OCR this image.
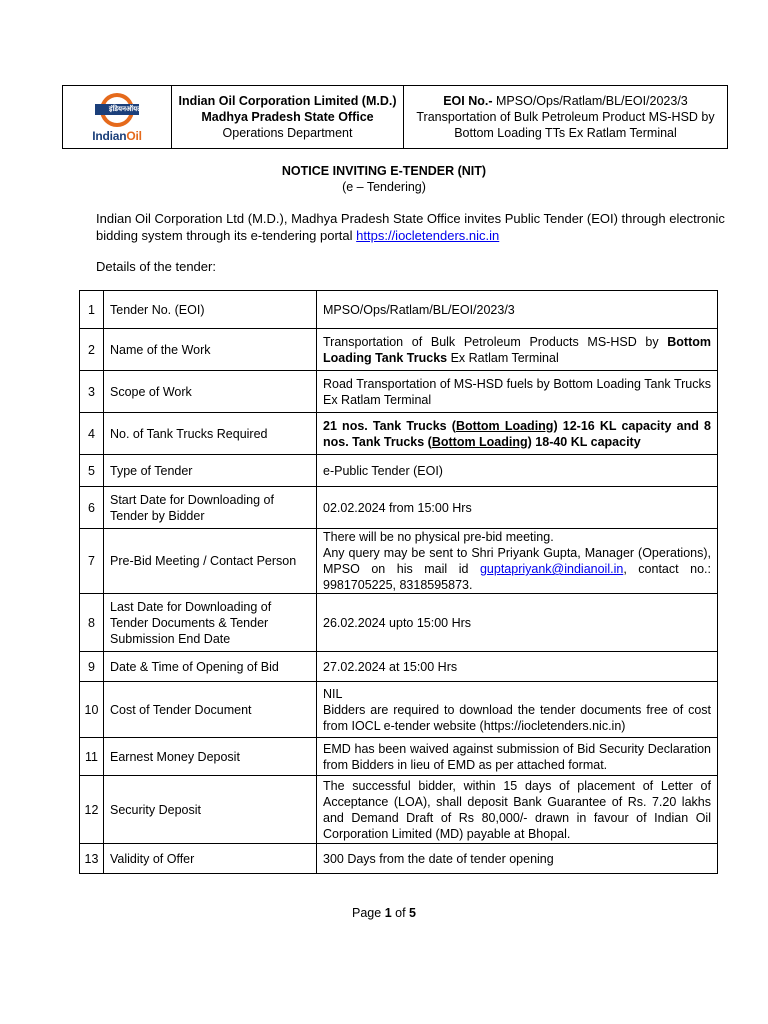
इंडियनऑयल
IndianOil
Indian Oil Corporation Limited (M.D.)
Madhya Pradesh State Office
Operations Department
EOI No.- MPSO/Ops/Ratlam/BL/EOI/2023/3
Transportation of Bulk Petroleum Product MS-HSD by Bottom Loading TTs Ex Ratlam Terminal
NOTICE INVITING E-TENDER (NIT)
(e – Tendering)
Indian Oil Corporation Ltd (M.D.), Madhya Pradesh State Office invites Public Tender (EOI) through electronic bidding system through its e-tendering portal https://iocletenders.nic.in
Details of the tender:
1	Tender No. (EOI)	MPSO/Ops/Ratlam/BL/EOI/2023/3
2	Name of the Work	Transportation of Bulk Petroleum Products MS-HSD by Bottom Loading Tank Trucks Ex Ratlam Terminal
3	Scope of Work	Road Transportation of MS-HSD fuels by Bottom Loading Tank Trucks Ex Ratlam Terminal
4	No. of Tank Trucks Required	21 nos. Tank Trucks (Bottom Loading) 12-16 KL capacity and 8 nos. Tank Trucks (Bottom Loading) 18-40 KL capacity
5	Type of Tender	e-Public Tender (EOI)
6	Start Date for Downloading of Tender by Bidder	02.02.2024 from 15:00 Hrs
7	Pre-Bid Meeting / Contact Person	There will be no physical pre-bid meeting.
Any query may be sent to Shri Priyank Gupta, Manager (Operations), MPSO on his mail id guptapriyank@indianoil.in, contact no.: 9981705225, 8318595873.

8	Last Date for Downloading of Tender Documents & Tender Submission End Date	26.02.2024 upto 15:00 Hrs
9	Date & Time of Opening of Bid	27.02.2024 at 15:00 Hrs
10	Cost of Tender Document	NIL
Bidders are required to download the tender documents free of cost from IOCL e-tender website (https://iocletenders.nic.in)

11	Earnest Money Deposit	EMD has been waived against submission of Bid Security Declaration from Bidders in lieu of EMD as per attached format.
12	Security Deposit	The successful bidder, within 15 days of placement of Letter of Acceptance (LOA), shall deposit Bank Guarantee of Rs. 7.20 lakhs and Demand Draft of Rs 80,000/- drawn in favour of Indian Oil Corporation Limited (MD) payable at Bhopal.
13	Validity of Offer	300 Days from the date of tender opening
Page 1 of 5
